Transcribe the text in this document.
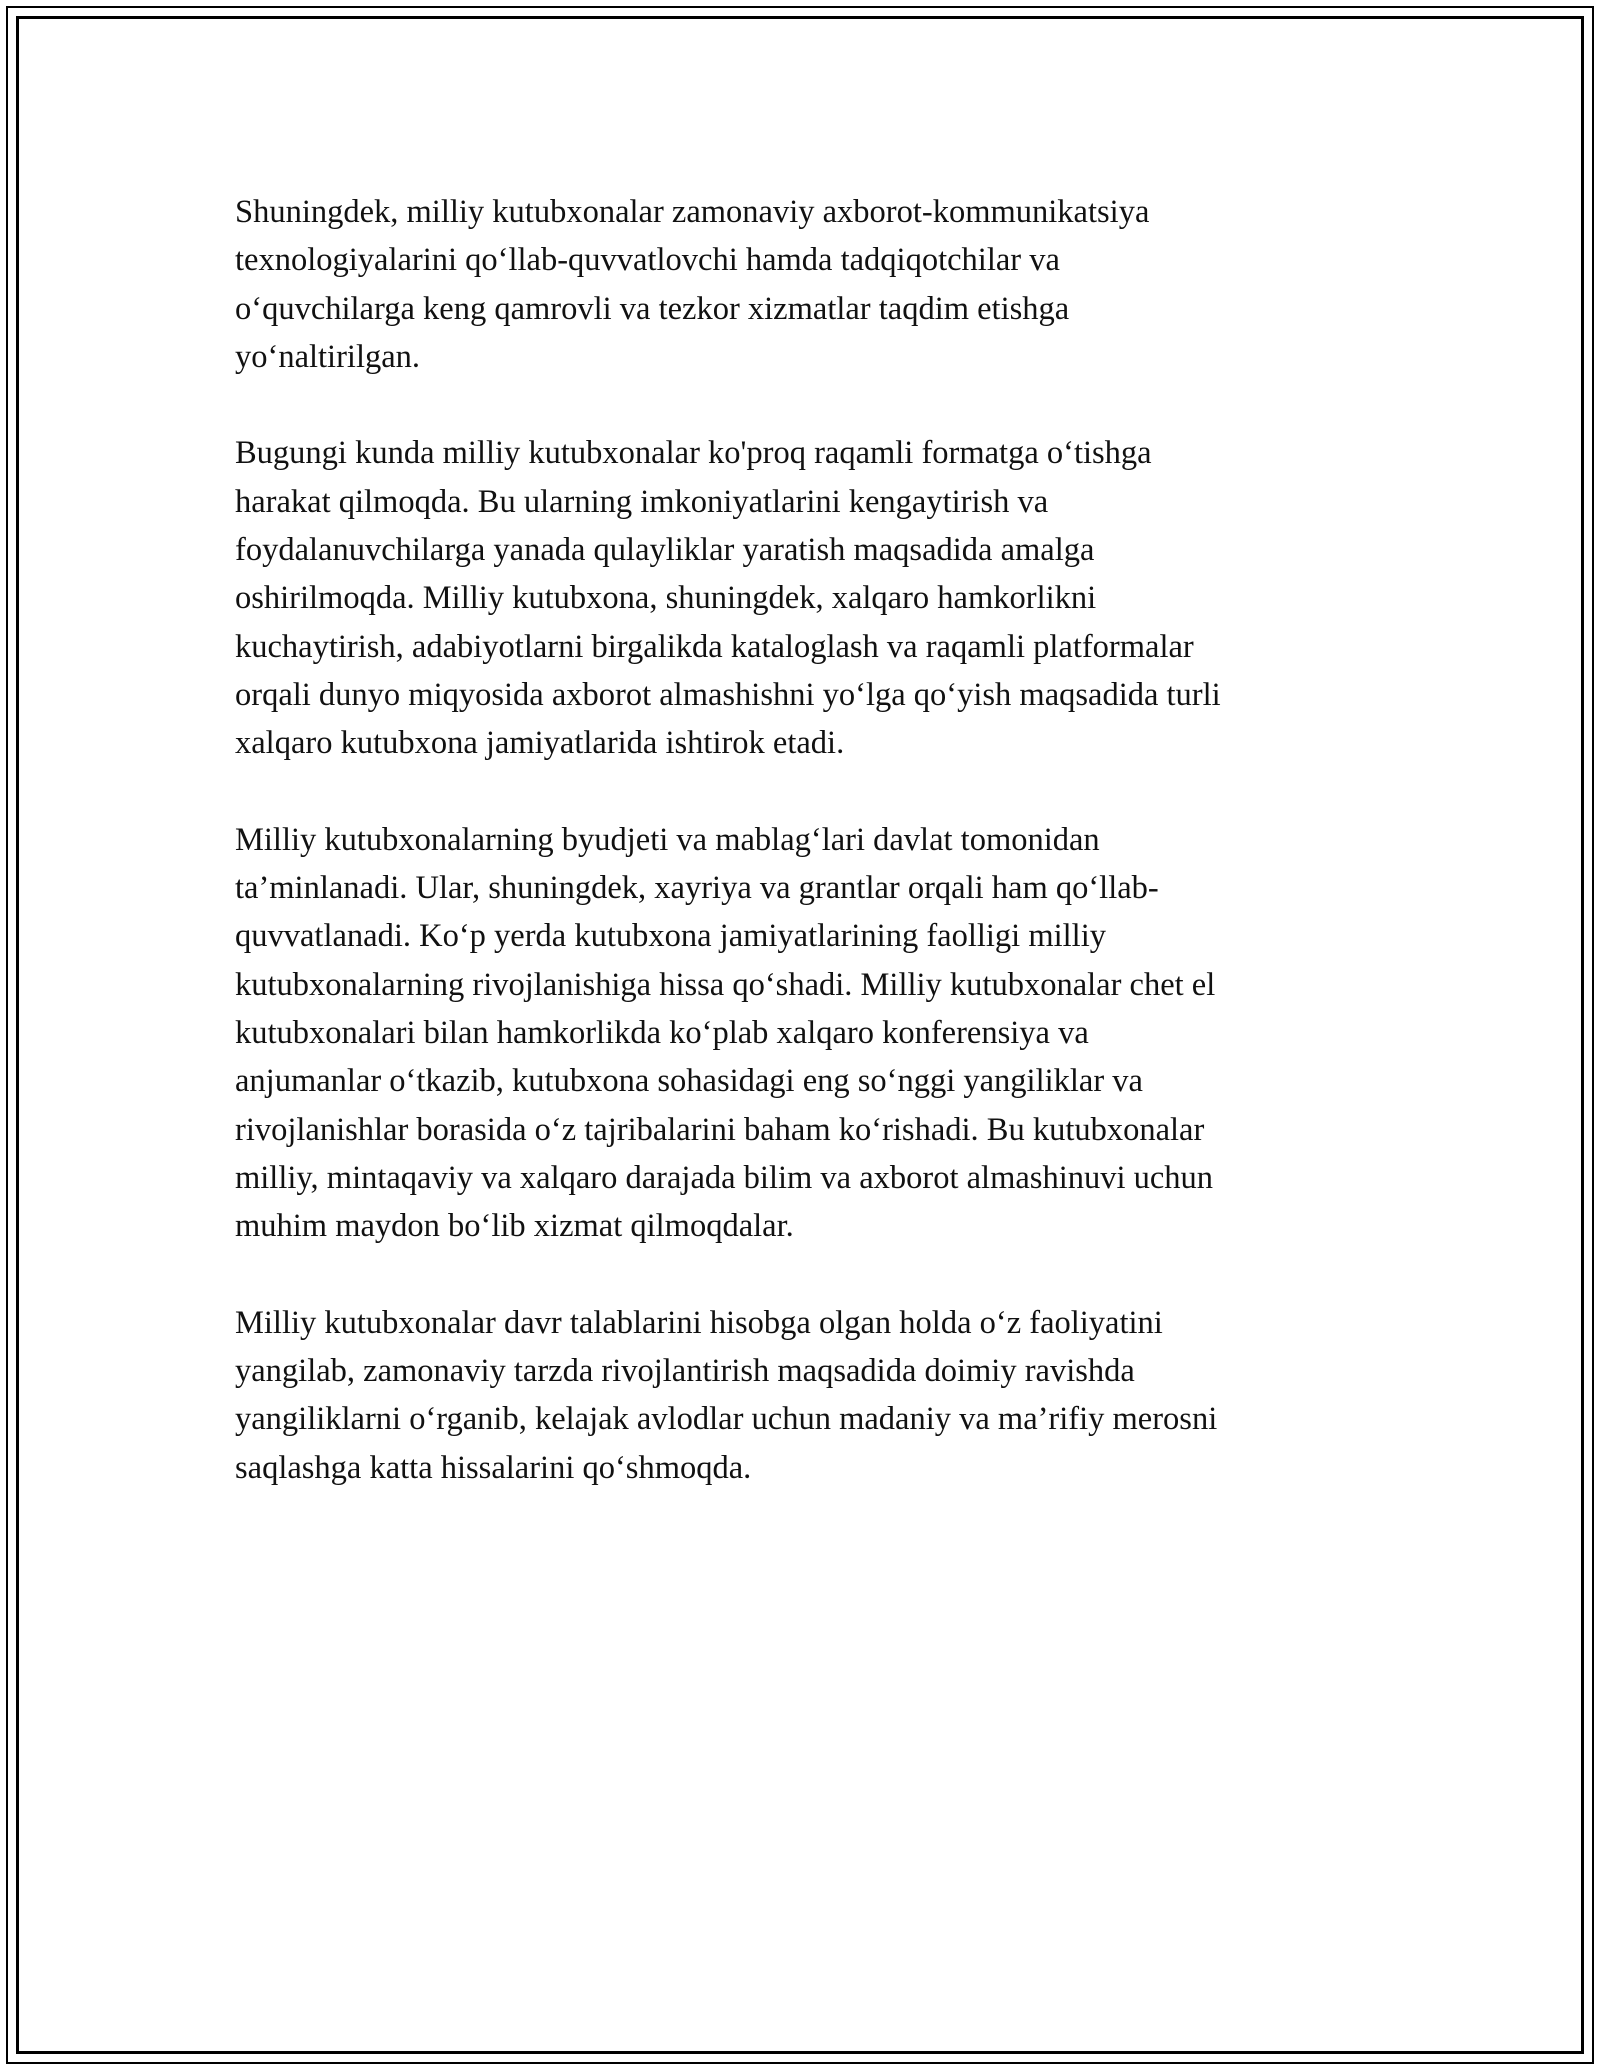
Shuningdek, milliy kutubxonalar zamonaviy axborot-kommunikatsiya
texnologiyalarini qo‘llab-quvvatlovchi hamda tadqiqotchilar va
o‘quvchilarga keng qamrovli va tezkor xizmatlar taqdim etishga
yo‘naltirilgan.

Bugungi kunda milliy kutubxonalar ko'proq raqamli formatga o‘tishga
harakat qilmoqda. Bu ularning imkoniyatlarini kengaytirish va
foydalanuvchilarga yanada qulayliklar yaratish maqsadida amalga
oshirilmoqda. Milliy kutubxona, shuningdek, xalqaro hamkorlikni
kuchaytirish, adabiyotlarni birgalikda kataloglash va raqamli platformalar
orqali dunyo miqyosida axborot almashishni yo‘lga qo‘yish maqsadida turli
xalqaro kutubxona jamiyatlarida ishtirok etadi.

Milliy kutubxonalarning byudjeti va mablag‘lari davlat tomonidan
ta’minlanadi. Ular, shuningdek, xayriya va grantlar orqali ham qo‘llab-
quvvatlanadi. Ko‘p yerda kutubxona jamiyatlarining faolligi milliy
kutubxonalarning rivojlanishiga hissa qo‘shadi. Milliy kutubxonalar chet el
kutubxonalari bilan hamkorlikda ko‘plab xalqaro konferensiya va
anjumanlar o‘tkazib, kutubxona sohasidagi eng so‘nggi yangiliklar va
rivojlanishlar borasida o‘z tajribalarini baham ko‘rishadi. Bu kutubxonalar
milliy, mintaqaviy va xalqaro darajada bilim va axborot almashinuvi uchun
muhim maydon bo‘lib xizmat qilmoqdalar.

Milliy kutubxonalar davr talablarini hisobga olgan holda o‘z faoliyatini
yangilab, zamonaviy tarzda rivojlantirish maqsadida doimiy ravishda
yangiliklarni o‘rganib, kelajak avlodlar uchun madaniy va ma’rifiy merosni
saqlashga katta hissalarini qo‘shmoqda.
